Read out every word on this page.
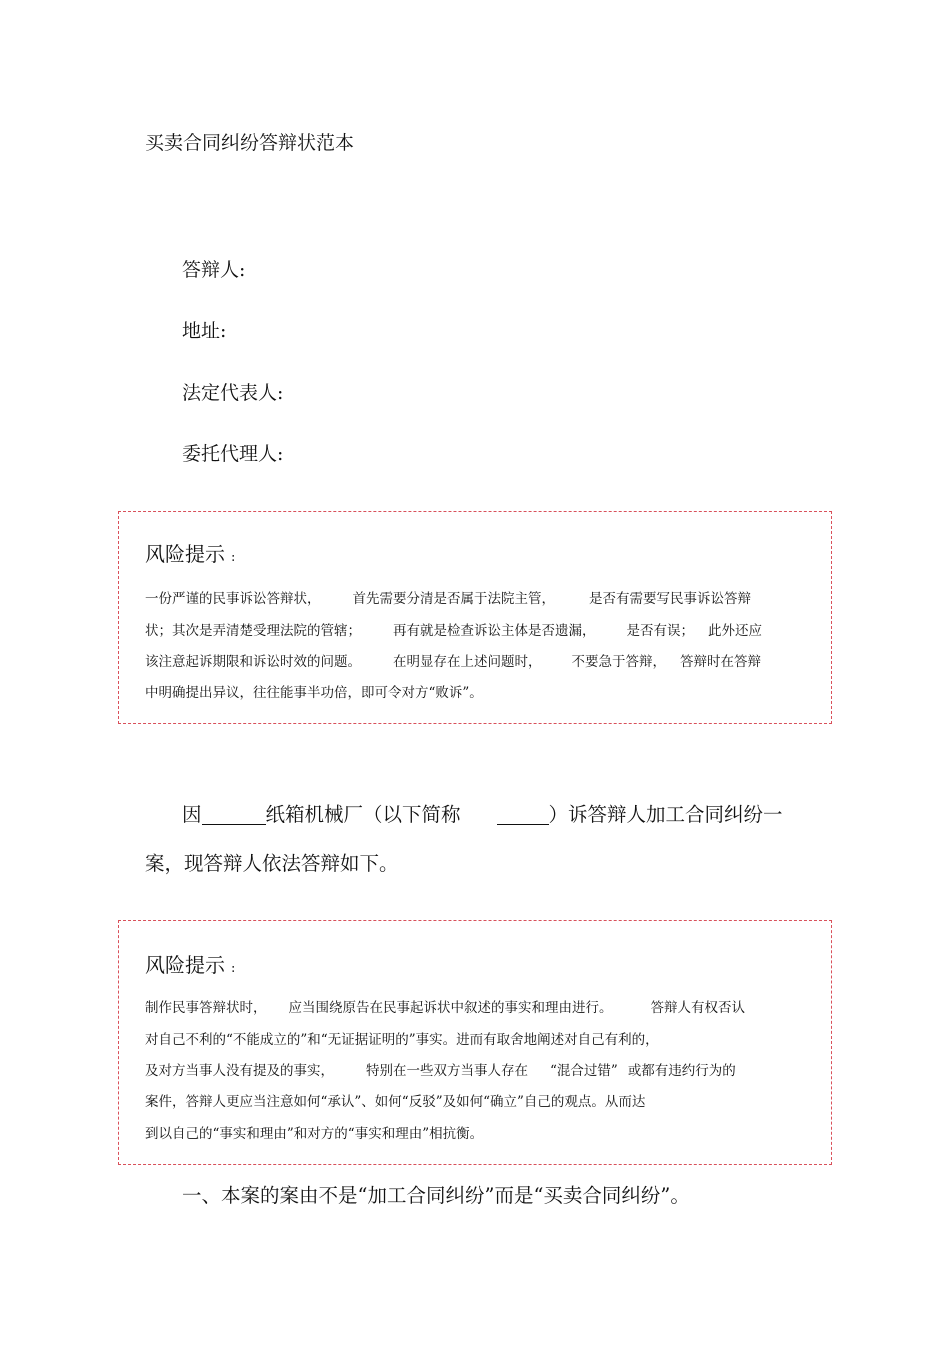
买卖合同纠纷答辩状范本
答辩人:
地址:
法定代表人:
委托代理人:
风险提示 :
一份严谨的民事诉讼答辩状， 首先需要分清是否属于法院主管，	是否有需要写民事诉讼答辩
状；其次是弄清楚受理法院的管辖； 再有就是检查诉讼主体是否遗漏， 是否有误； 此外还应
该注意起诉期限和诉讼时效的问题。 在明显存在上述问题时， 不要急于答辩， 答辩时在答辩
中明确提出异议，往往能事半功倍，即可令对方“败诉”。
因	纸箱机械厂（以下简称	）诉答辩人加工合同纠纷一
案，现答辩人依法答辩如下。
风险提示 :
制作民事答辩状时， 应当围绕原告在民事起诉状中叙述的事实和理由进行。	答辩人有权否认
对自己不利的“不能成立的”和“无证据证明的”事实。进而有取舍地阐述对自己有利的，
及对方当事人没有提及的事实， 特别在一些双方当事人存在 “混合过错” 或都有违约行为的
案件，答辩人更应当注意如何“承认”、如何“反驳”及如何“确立”自己的观点。从而达
到以自己的“事实和理由”和对方的“事实和理由”相抗衡。
一、本案的案由不是“加工合同纠纷”而是“买卖合同纠纷”。
